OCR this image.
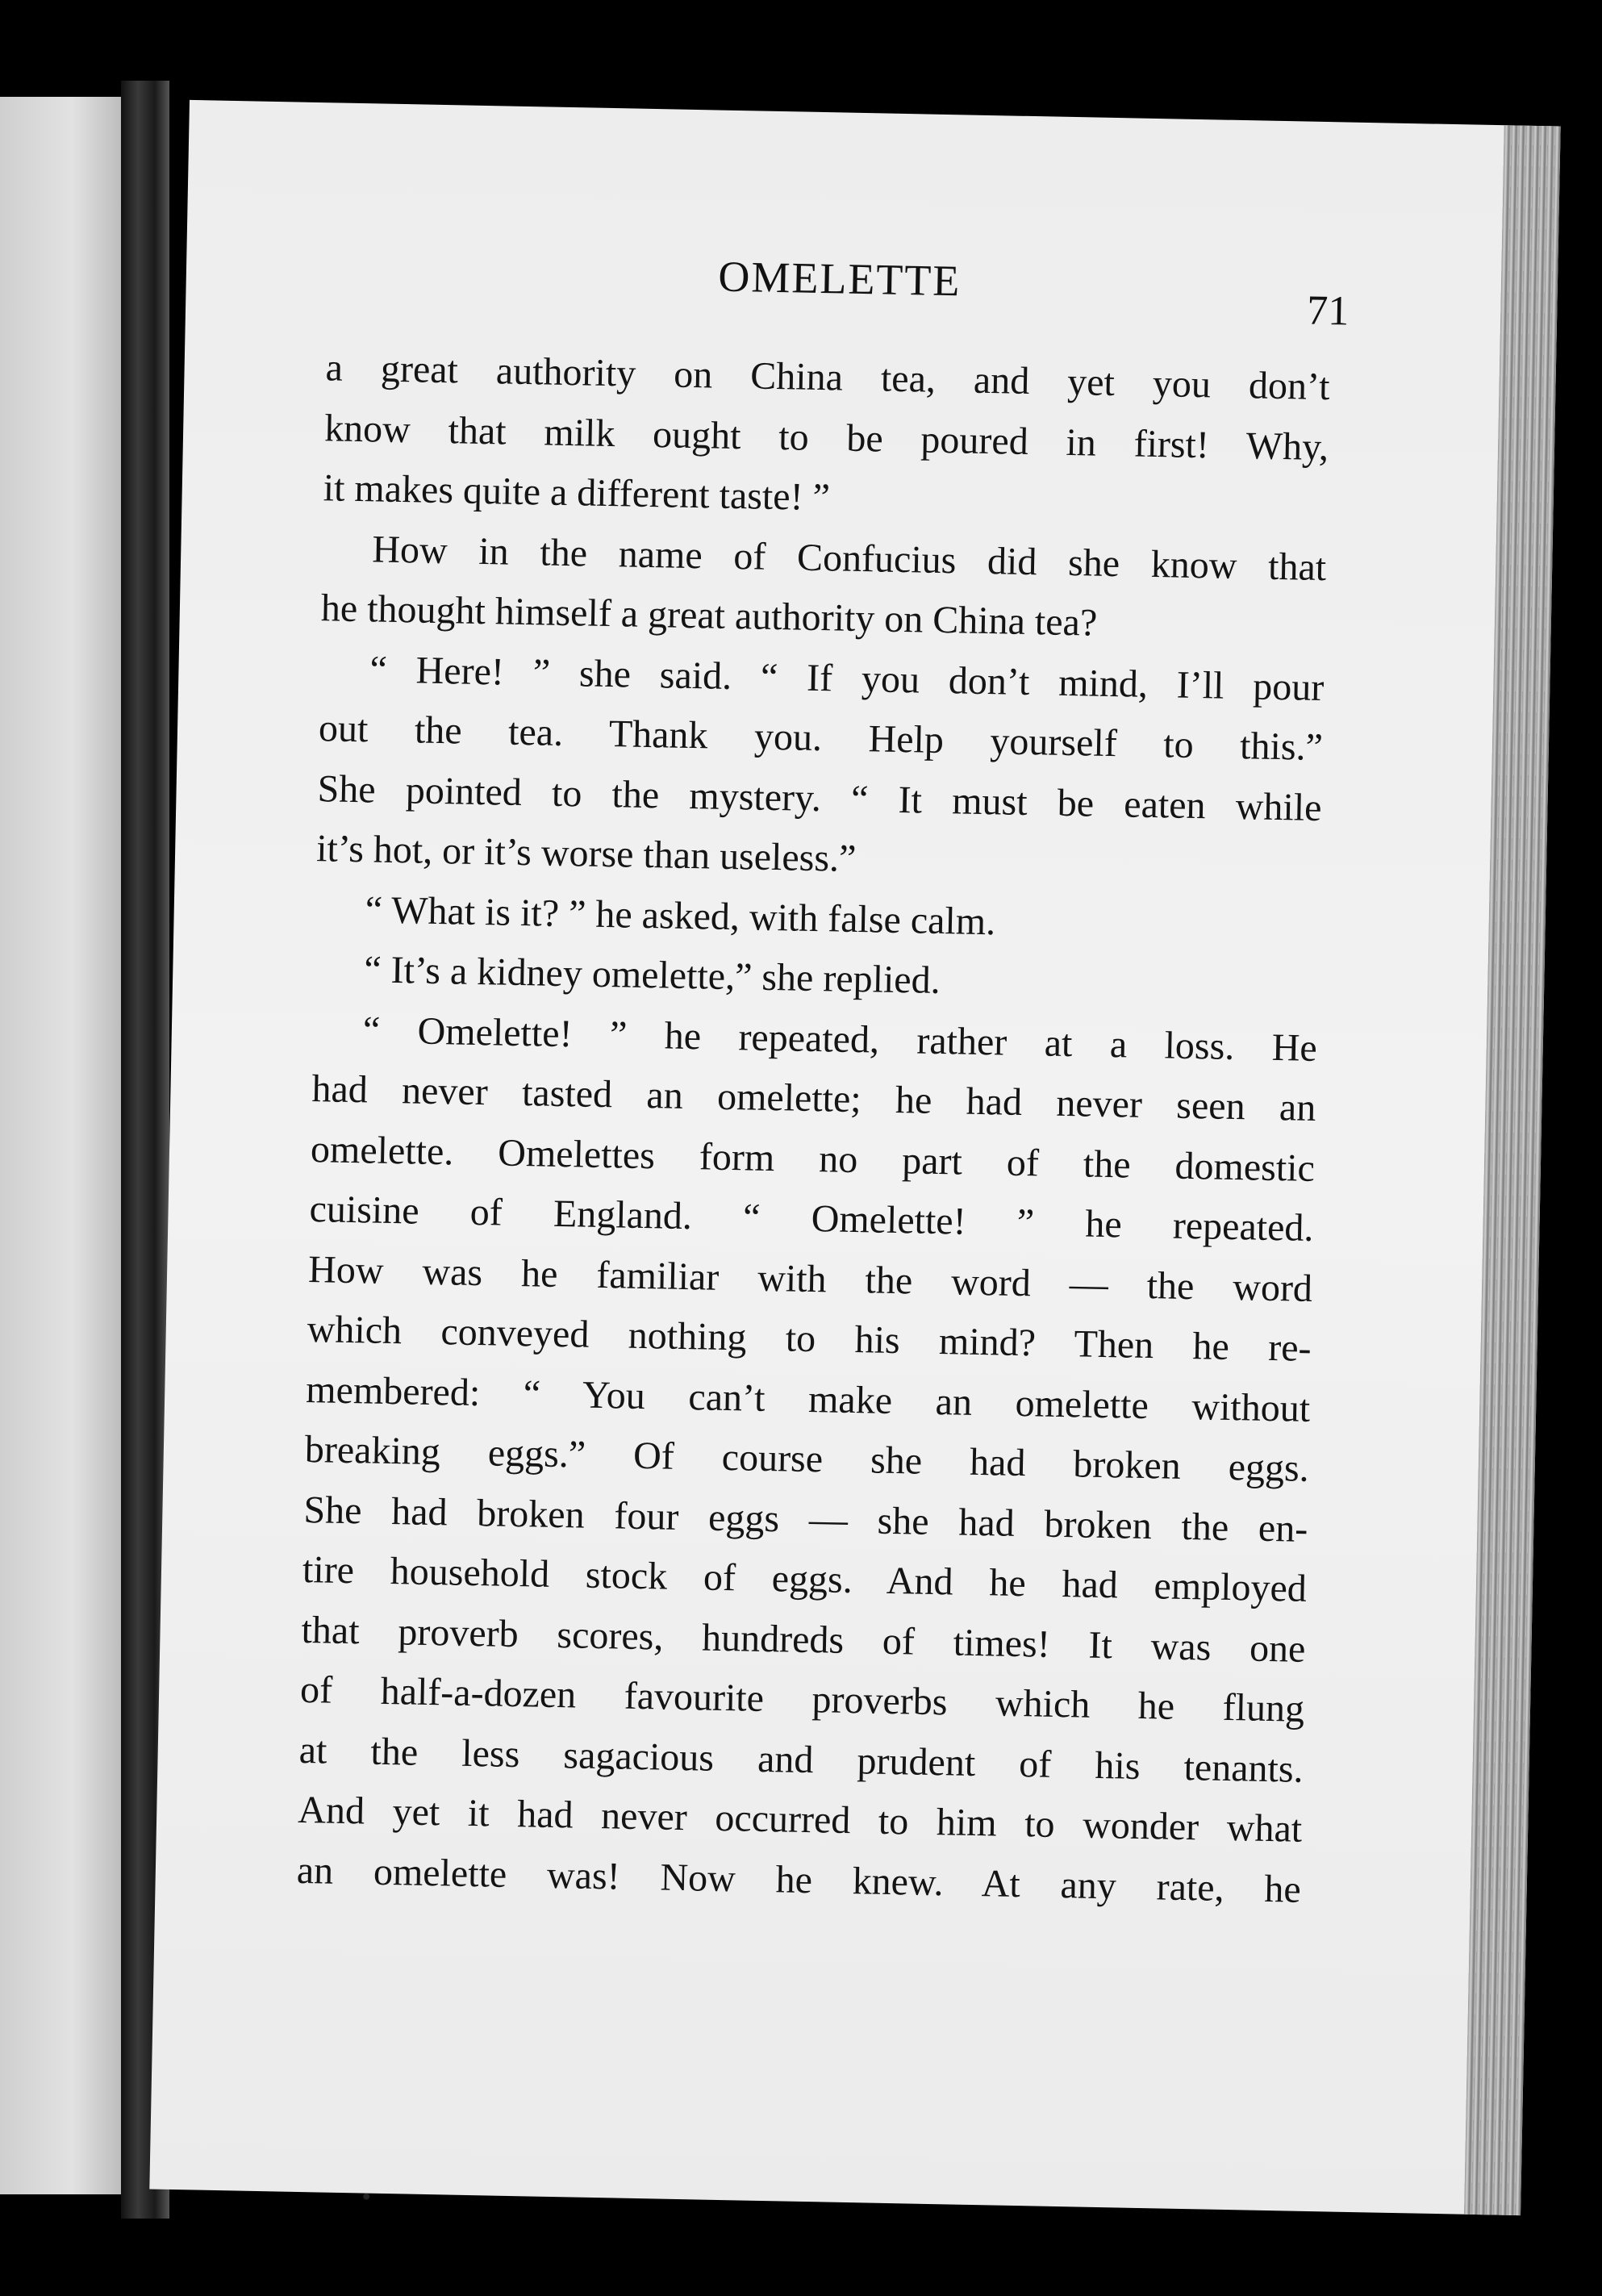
OMELETTE
71
a great authority on China tea, and yet you don’t
know that milk ought to be poured in first! Why,
it makes quite a different taste! ”
How in the name of Confucius did she know that
he thought himself a great authority on China tea?
“ Here! ” she said. “ If you don’t mind, I’ll pour
out the tea. Thank you. Help yourself to this.”
She pointed to the mystery. “ It must be eaten while
it’s hot, or it’s worse than useless.”
“ What is it? ” he asked, with false calm.
“ It’s a kidney omelette,” she replied.
“ Omelette! ” he repeated, rather at a loss. He
had never tasted an omelette; he had never seen an
omelette. Omelettes form no part of the domestic
cuisine of England. “ Omelette! ” he repeated.
How was he familiar with the word — the word
which conveyed nothing to his mind? Then he re-
membered: “ You can’t make an omelette without
breaking eggs.” Of course she had broken eggs.
She had broken four eggs — she had broken the en-
tire household stock of eggs. And he had employed
that proverb scores, hundreds of times! It was one
of half-a-dozen favourite proverbs which he flung
at the less sagacious and prudent of his tenants.
And yet it had never occurred to him to wonder what
an omelette was! Now he knew. At any rate, he
